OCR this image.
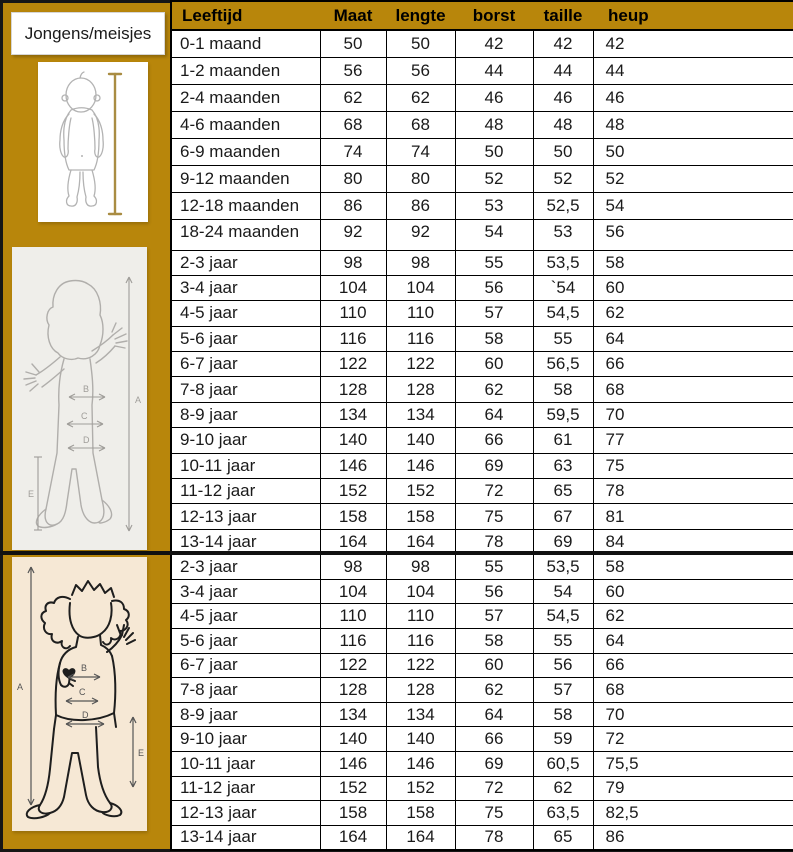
Jongens/meisjes
A
B
C
D
E
A
B
C
D
E
Leeftijd	Maat	lengte	borst	taille	heup
0-1 maand	50	50	42	42	42
1-2 maanden	56	56	44	44	44
2-4 maanden	62	62	46	46	46
4-6 maanden	68	68	48	48	48
6-9 maanden	74	74	50	50	50
9-12 maanden	80	80	52	52	52
12-18 maanden	86	86	53	52,5	54
18-24 maanden	92	92	54	53	56
2-3 jaar	98	98	55	53,5	58
3-4 jaar	104	104	56	`54	60
4-5 jaar	110	110	57	54,5	62
5-6 jaar	116	116	58	55	64
6-7 jaar	122	122	60	56,5	66
7-8 jaar	128	128	62	58	68
8-9 jaar	134	134	64	59,5	70
9-10 jaar	140	140	66	61	77
10-11 jaar	146	146	69	63	75
11-12 jaar	152	152	72	65	78
12-13 jaar	158	158	75	67	81
13-14 jaar	164	164	78	69	84
2-3 jaar	98	98	55	53,5	58
3-4 jaar	104	104	56	54	60
4-5 jaar	110	110	57	54,5	62
5-6 jaar	116	116	58	55	64
6-7 jaar	122	122	60	56	66
7-8 jaar	128	128	62	57	68
8-9 jaar	134	134	64	58	70
9-10 jaar	140	140	66	59	72
10-11 jaar	146	146	69	60,5	75,5
11-12 jaar	152	152	72	62	79
12-13 jaar	158	158	75	63,5	82,5
13-14 jaar	164	164	78	65	86
